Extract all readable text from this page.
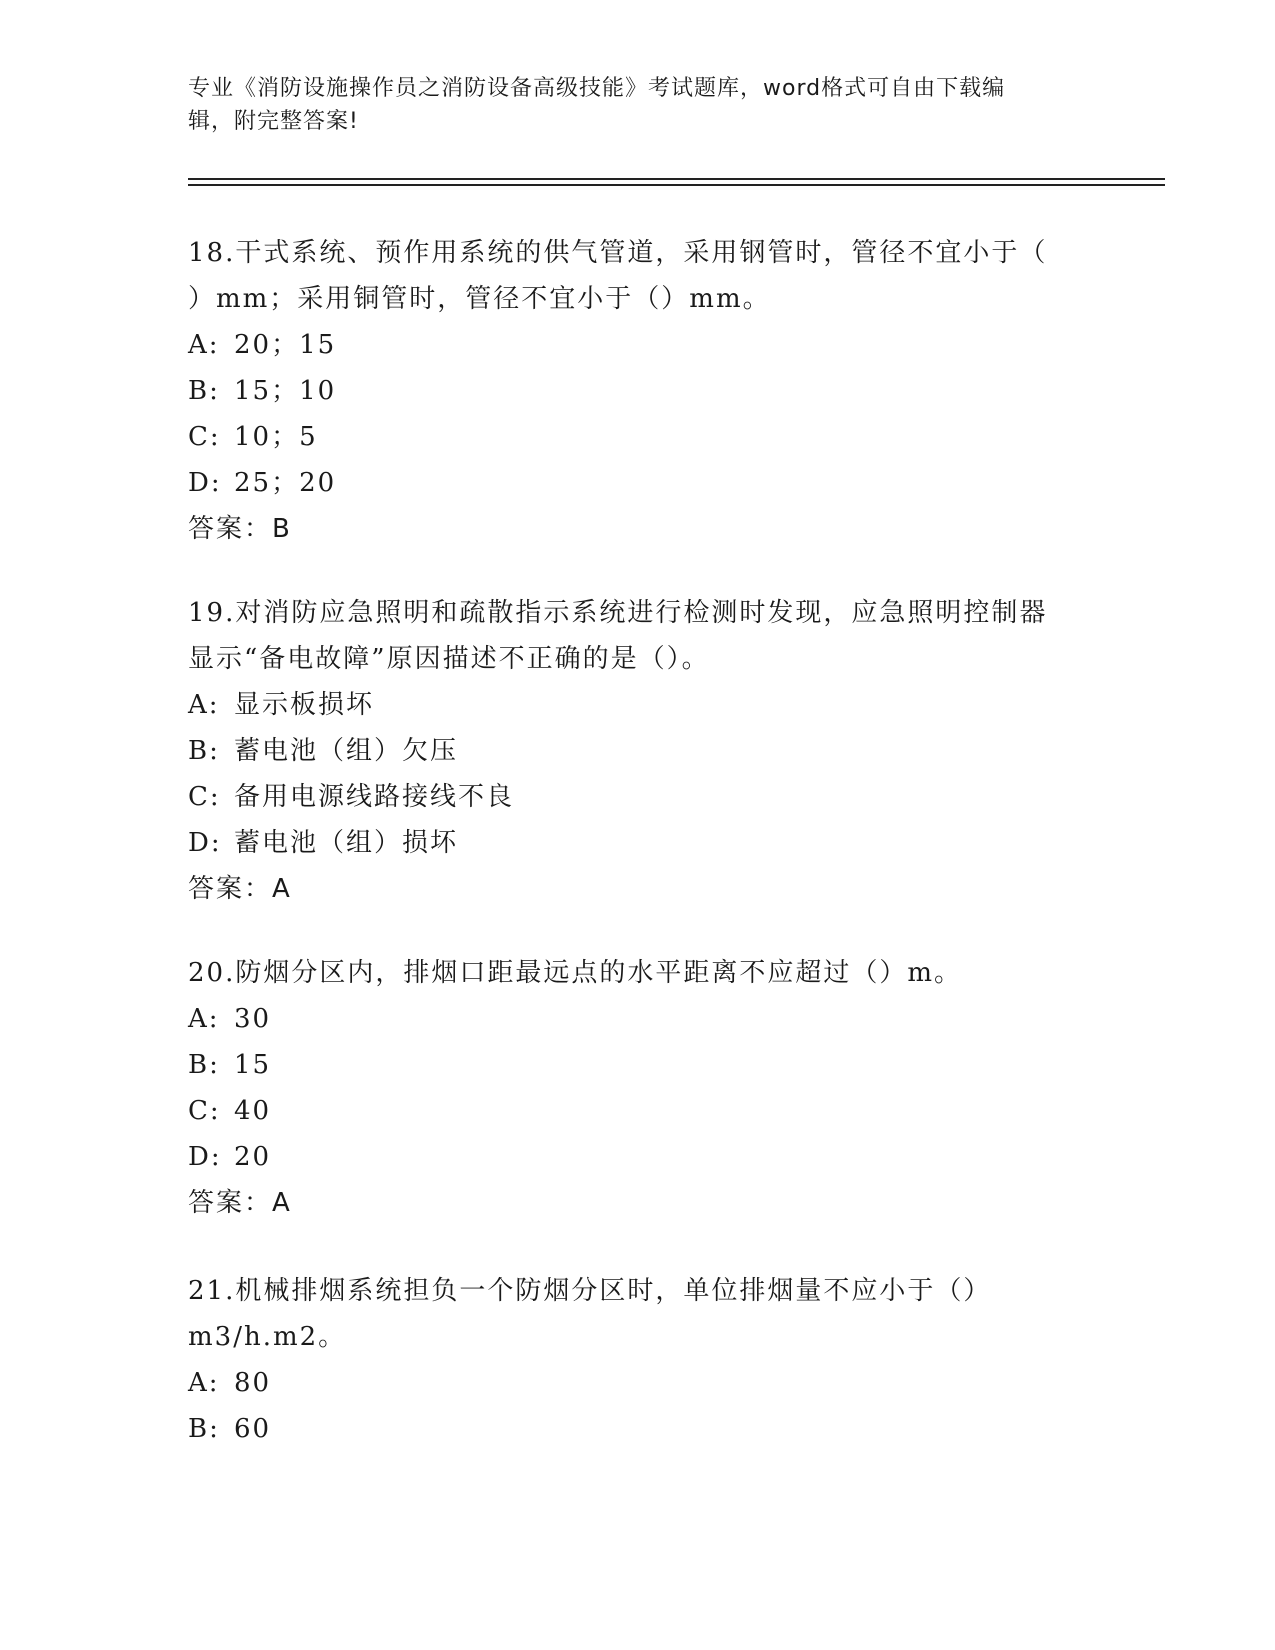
专业《消防设施操作员之消防设备高级技能》考试题库，word格式可自由下载编
辑，附完整答案!
18.干式系统、预作用系统的供气管道，采用钢管时，管径不宜小于（
）mm；采用铜管时，管径不宜小于（）mm。
A: 20；15
B: 15；10
C: 10；5
D: 25；20
答案：B
19.对消防应急照明和疏散指示系统进行检测时发现，应急照明控制器
显示“备电故障”原因描述不正确的是（）。
A: 显示板损坏
B: 蓄电池（组）欠压
C: 备用电源线路接线不良
D: 蓄电池（组）损坏
答案：A
20.防烟分区内，排烟口距最远点的水平距离不应超过（）m。
A: 30
B: 15
C: 40
D: 20
答案：A
21.机械排烟系统担负一个防烟分区时，单位排烟量不应小于（）
m3/h.m2。
A: 80
B: 60
